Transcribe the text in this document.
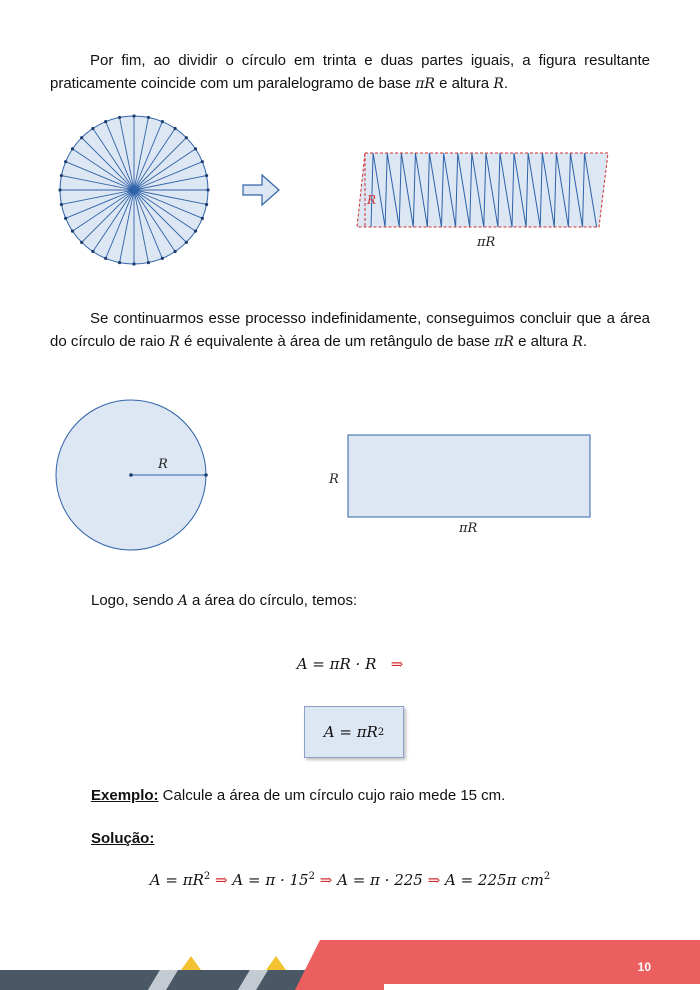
Por fim, ao dividir o círculo em trinta e duas partes iguais, a figura resultante praticamente coincide com um paralelogramo de base πR e altura R.

R
πR

Se continuarmos esse processo indefinidamente, conseguimos concluir que a área do círculo de raio R é equivalente à área de um retângulo de base πR e altura R.

R
R
πR
Logo, sendo A a área do círculo, temos:
A = πR · R ⇒
A = πR 2
Exemplo: Calcule a área de um círculo cujo raio mede 15 cm.
Solução:
$A = \pi R^2$ ⇒ $A = \pi \cdot 15^2$ ⇒ A = π · 225 ⇒ A = 225π $cm^2$
10
